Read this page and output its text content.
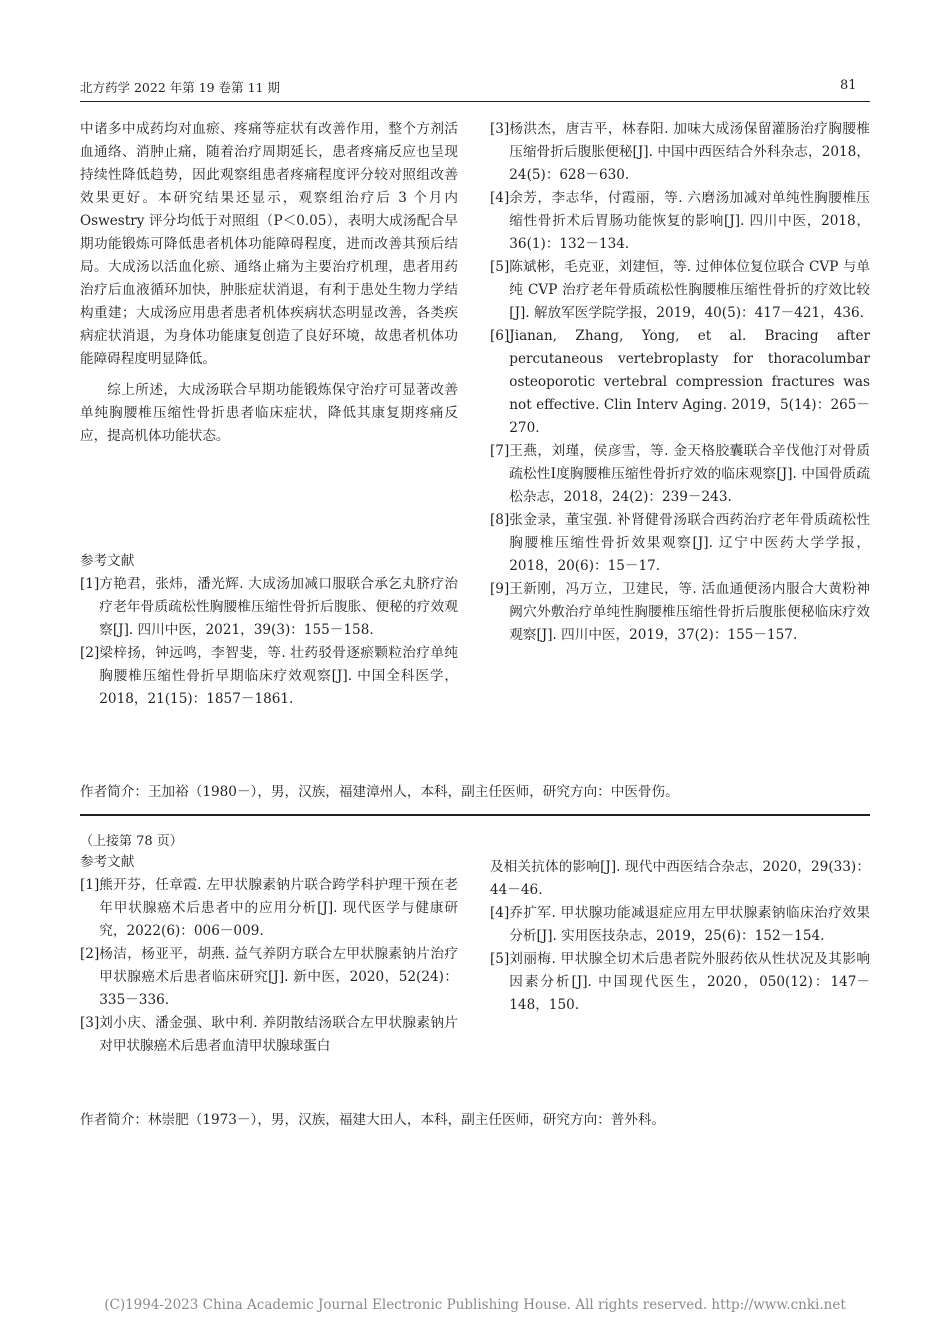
北方药学 2022 年第 19 卷第 11 期	81

中诸多中成药均对血瘀、疼痛等症状有改善作用，整个方剂活血通络、消肿止痛，随着治疗周期延长，患者疼痛反应也呈现持续性降低趋势，因此观察组患者疼痛程度评分较对照组改善效果更好。本研究结果还显示，观察组治疗后 3 个月内 Oswestry 评分均低于对照组（P＜0.05），表明大成汤配合早期功能锻炼可降低患者机体功能障碍程度，进而改善其预后结局。大成汤以活血化瘀、通络止痛为主要治疗机理，患者用药治疗后血液循环加快，肿胀症状消退，有利于患处生物力学结构重建；大成汤应用患者患者机体疾病状态明显改善，各类疾病症状消退，为身体功能康复创造了良好环境，故患者机体功能障碍程度明显降低。

综上所述，大成汤联合早期功能锻炼保守治疗可显著改善单纯胸腰椎压缩性骨折患者临床症状，降低其康复期疼痛反应，提高机体功能状态。

参考文献
[1] 方艳君，张炜，潘光辉. 大成汤加减口服联合承乞丸脐疗治疗老年骨质疏松性胸腰椎压缩性骨折后腹胀、便秘的疗效观察[J]. 四川中医，2021，39(3)：155－158.
[2] 梁梓扬，钟远鸣，李智斐，等. 壮药驳骨逐瘀颗粒治疗单纯胸腰椎压缩性骨折早期临床疗效观察[J]. 中国全科医学，2018，21(15)：1857－1861.
[3] 杨洪杰，唐吉平，林春阳. 加味大成汤保留灌肠治疗胸腰椎压缩骨折后腹胀便秘[J]. 中国中西医结合外科杂志，2018，24(5)：628－630.
[4] 余芳，李志华，付霞丽，等. 六磨汤加减对单纯性胸腰椎压缩性骨折术后胃肠功能恢复的影响[J]. 四川中医，2018，36(1)：132－134.
[5] 陈斌彬，毛克亚，刘建恒，等. 过伸体位复位联合 CVP 与单纯 CVP 治疗老年骨质疏松性胸腰椎压缩性骨折的疗效比较[J]. 解放军医学院学报，2019，40(5)：417－421，436.
[6] Jianan, Zhang, Yong, et al. Bracing after percutaneous vertebroplasty for thoracolumbar osteoporotic vertebral compression fractures was not effective. Clin Interv Aging. 2019，5(14)：265－270.
[7] 王燕，刘瑾，侯彦雪，等. 金天格胶囊联合辛伐他汀对骨质疏松性Ⅰ度胸腰椎压缩性骨折疗效的临床观察[J]. 中国骨质疏松杂志，2018，24(2)：239－243.
[8] 张金录，董宝强. 补肾健骨汤联合西药治疗老年骨质疏松性胸腰椎压缩性骨折效果观察[J]. 辽宁中医药大学学报，2018，20(6)：15－17.
[9] 王新刚，冯万立，卫建民，等. 活血通便汤内服合大黄粉神阙穴外敷治疗单纯性胸腰椎压缩性骨折后腹胀便秘临床疗效观察[J]. 四川中医，2019，37(2)：155－157.
作者简介：王加裕（1980－），男，汉族，福建漳州人，本科，副主任医师，研究方向：中医骨伤。
（上接第 78 页）
参考文献
[1] 熊开芬，任章霞. 左甲状腺素钠片联合跨学科护理干预在老年甲状腺癌术后患者中的应用分析[J]. 现代医学与健康研究，2022(6)：006－009.
[2] 杨洁，杨亚平，胡燕. 益气养阴方联合左甲状腺素钠片治疗甲状腺癌术后患者临床研究[J]. 新中医，2020，52(24)：335－336.
[3] 刘小庆、潘金强、耿中利. 养阴散结汤联合左甲状腺素钠片对甲状腺癌术后患者血清甲状腺球蛋白
及相关抗体的影响[J]. 现代中西医结合杂志，2020，29(33)：44－46.
[4] 乔扩军. 甲状腺功能减退症应用左甲状腺素钠临床治疗效果分析[J]. 实用医技杂志，2019，25(6)：152－154.
[5] 刘丽梅. 甲状腺全切术后患者院外服药依从性状况及其影响因素分析[J]. 中国现代医生，2020，050(12)：147－148，150.
作者简介：林崇肥（1973－），男，汉族，福建大田人，本科，副主任医师，研究方向：普外科。
(C)1994-2023 China Academic Journal Electronic Publishing House. All rights reserved. http://www.cnki.net
